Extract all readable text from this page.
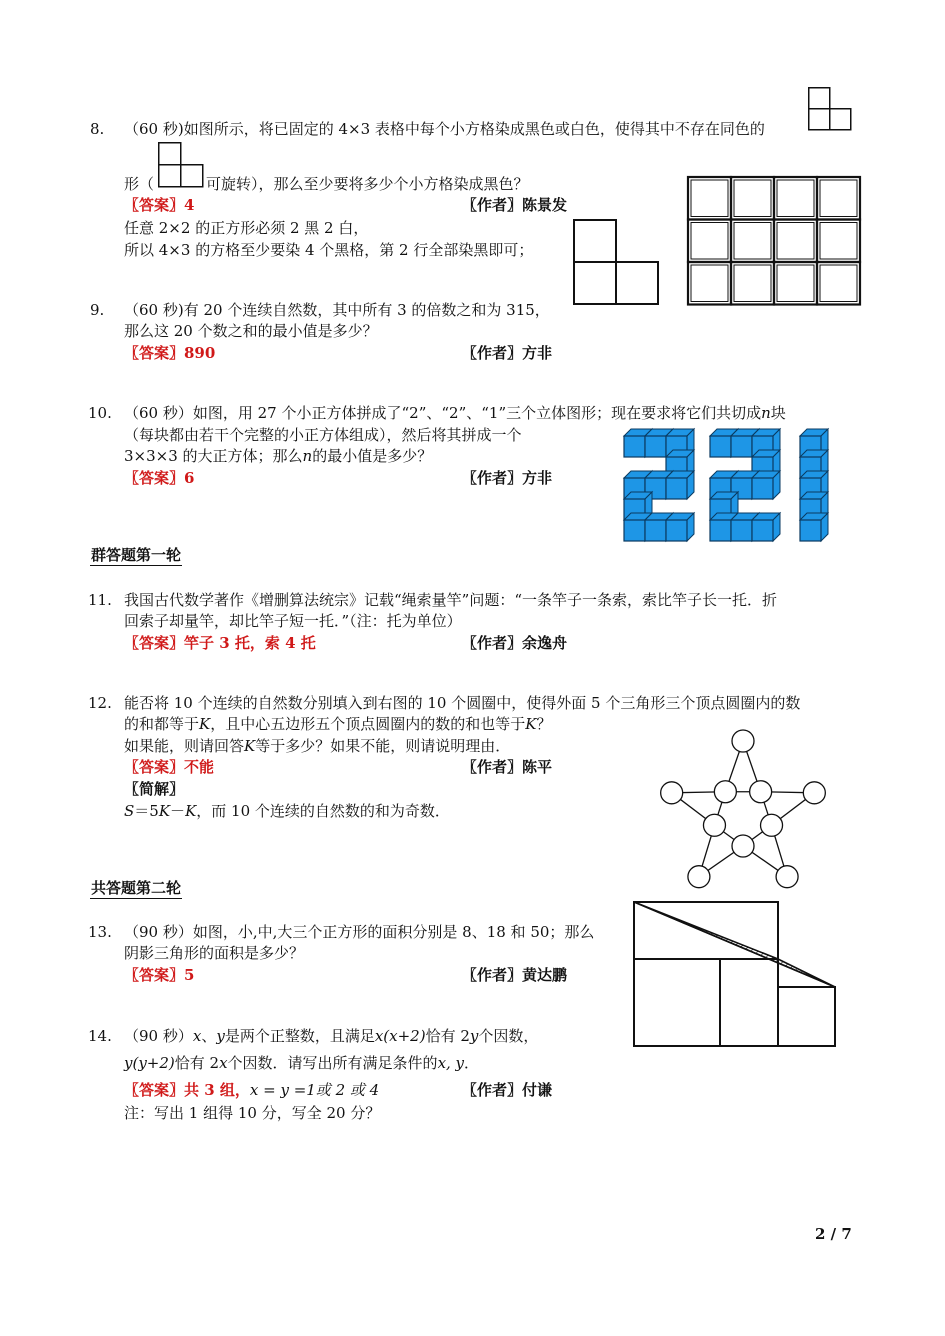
8. （60 秒)如图所示，将已固定的 4×3 表格中每个小方格染成黑色或白色，使得其中不存在同色的
形（	可旋转），那么至少要将多少个小方格染成黑色？
〖答案〗4	〖作者〗陈景发
任意 2×2 的正方形必须 2 黑 2 白，
所以 4×3 的方格至少要染 4 个黑格，第 2 行全部染黑即可；
9. （60 秒)有 20 个连续自然数，其中所有 3 的倍数之和为 315，
那么这 20 个数之和的最小值是多少？
〖答案〗890	〖作者〗方非
10. （60 秒）如图，用 27 个小正方体拼成了“2”、“2”、“1”三个立体图形；现在要求将它们共切成n块
（每块都由若干个完整的小正方体组成），然后将其拼成一个
3×3×3 的大正方体；那么n的最小值是多少？
〖答案〗6	〖作者〗方非
群答题第一轮
11. 我国古代数学著作《增删算法统宗》记载“绳索量竿”问题：“一条竿子一条索，索比竿子长一托．折
回索子却量竿，却比竿子短一托．”（注：托为单位）
〖答案〗竿子 3 托，索 4 托	〖作者〗余逸舟
12. 能否将 10 个连续的自然数分别填入到右图的 10 个圆圈中，使得外面 5 个三角形三个顶点圆圈内的数
的和都等于K，且中心五边形五个顶点圆圈内的数的和也等于K？
如果能，则请回答K等于多少？如果不能，则请说明理由．
〖答案〗不能	〖作者〗陈平
〖简解〗
S＝5K－K，而 10 个连续的自然数的和为奇数．
共答题第二轮
13. （90 秒）如图，小,中,大三个正方形的面积分别是 8、18 和 50；那么
阴影三角形的面积是多少？
〖答案〗5	〖作者〗黄达鹏
14. （90 秒）x、y是两个正整数，且满足x(x+2)恰有 2y个因数，
y(y+2)恰有 2x个因数．请写出所有满足条件的x, y．
〖答案〗共 3 组，x = y =1或 2 或 4	〖作者〗付谦
注：写出 1 组得 10 分，写全 20 分？
2 / 7
